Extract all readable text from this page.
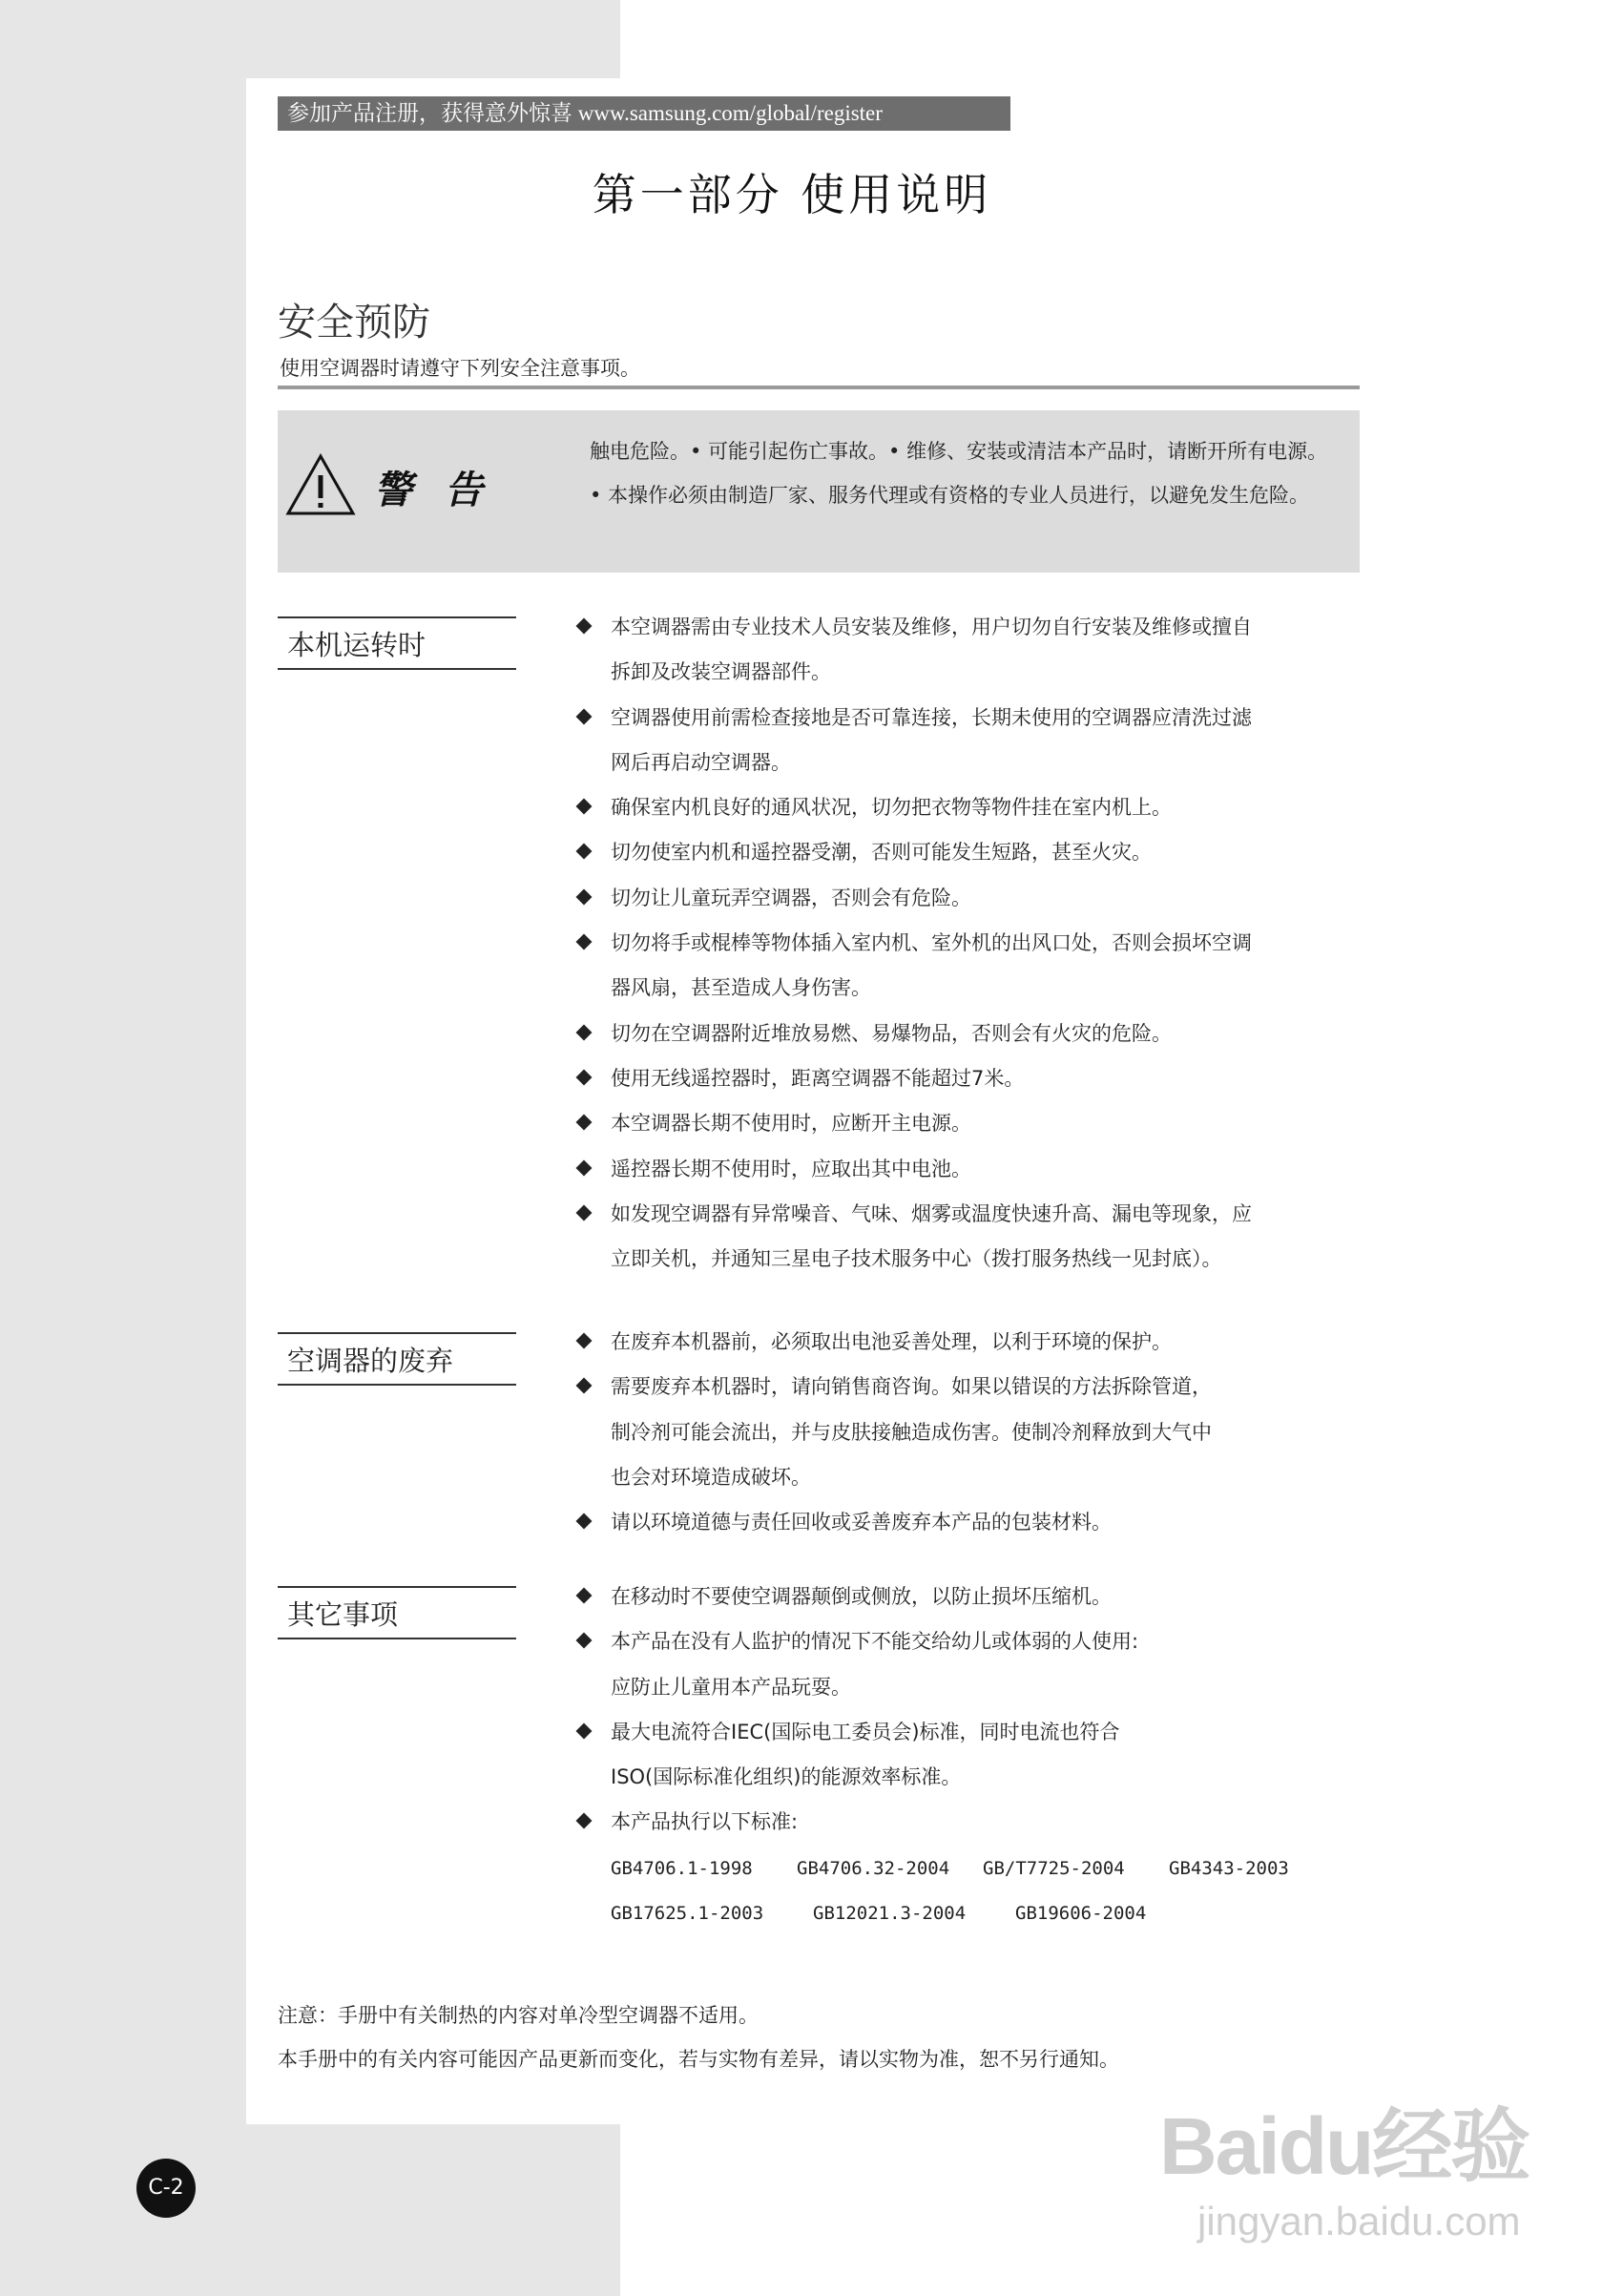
参加产品注册，获得意外惊喜 www.samsung.com/global/register
第一部分 使用说明
安全预防
使用空调器时请遵守下列安全注意事项。
警 告
触电危险。• 可能引起伤亡事故。• 维修、安装或清洁本产品时，请断开所有电源。• 本操作必须由制造厂家、服务代理或有资格的专业人员进行，以避免发生危险。
本机运转时
本空调器需由专业技术人员安装及维修，用户切勿自行安装及维修或擅自
拆卸及改装空调器部件。
空调器使用前需检查接地是否可靠连接，长期未使用的空调器应清洗过滤
网后再启动空调器。
确保室内机良好的通风状况，切勿把衣物等物件挂在室内机上。
切勿使室内机和遥控器受潮，否则可能发生短路，甚至火灾。
切勿让儿童玩弄空调器，否则会有危险。
切勿将手或棍棒等物体插入室内机、室外机的出风口处，否则会损坏空调
器风扇，甚至造成人身伤害。
切勿在空调器附近堆放易燃、易爆物品，否则会有火灾的危险。
使用无线遥控器时，距离空调器不能超过7米。
本空调器长期不使用时，应断开主电源。
遥控器长期不使用时，应取出其中电池。
如发现空调器有异常噪音、气味、烟雾或温度快速升高、漏电等现象，应
立即关机，并通知三星电子技术服务中心（拨打服务热线一见封底）。
空调器的废弃
在废弃本机器前，必须取出电池妥善处理，以利于环境的保护。
需要废弃本机器时，请向销售商咨询。如果以错误的方法拆除管道，
制冷剂可能会流出，并与皮肤接触造成伤害。使制冷剂释放到大气中
也会对环境造成破坏。
请以环境道德与责任回收或妥善废弃本产品的包装材料。
其它事项
在移动时不要使空调器颠倒或侧放，以防止损坏压缩机。
本产品在没有人监护的情况下不能交给幼儿或体弱的人使用:
应防止儿童用本产品玩耍。
最大电流符合IEC(国际电工委员会)标准，同时电流也符合
ISO(国际标准化组织)的能源效率标准。
本产品执行以下标准:
GB4706.1-1998	GB4706.32-2004	GB/T7725-2004	GB4343-2003
GB17625.1-2003	GB12021.3-2004	GB19606-2004
注意：手册中有关制热的内容对单冷型空调器不适用。
本手册中的有关内容可能因产品更新而变化，若与实物有差异，请以实物为准，恕不另行通知。
C-2	Baidu经验
jingyan.baidu.com
